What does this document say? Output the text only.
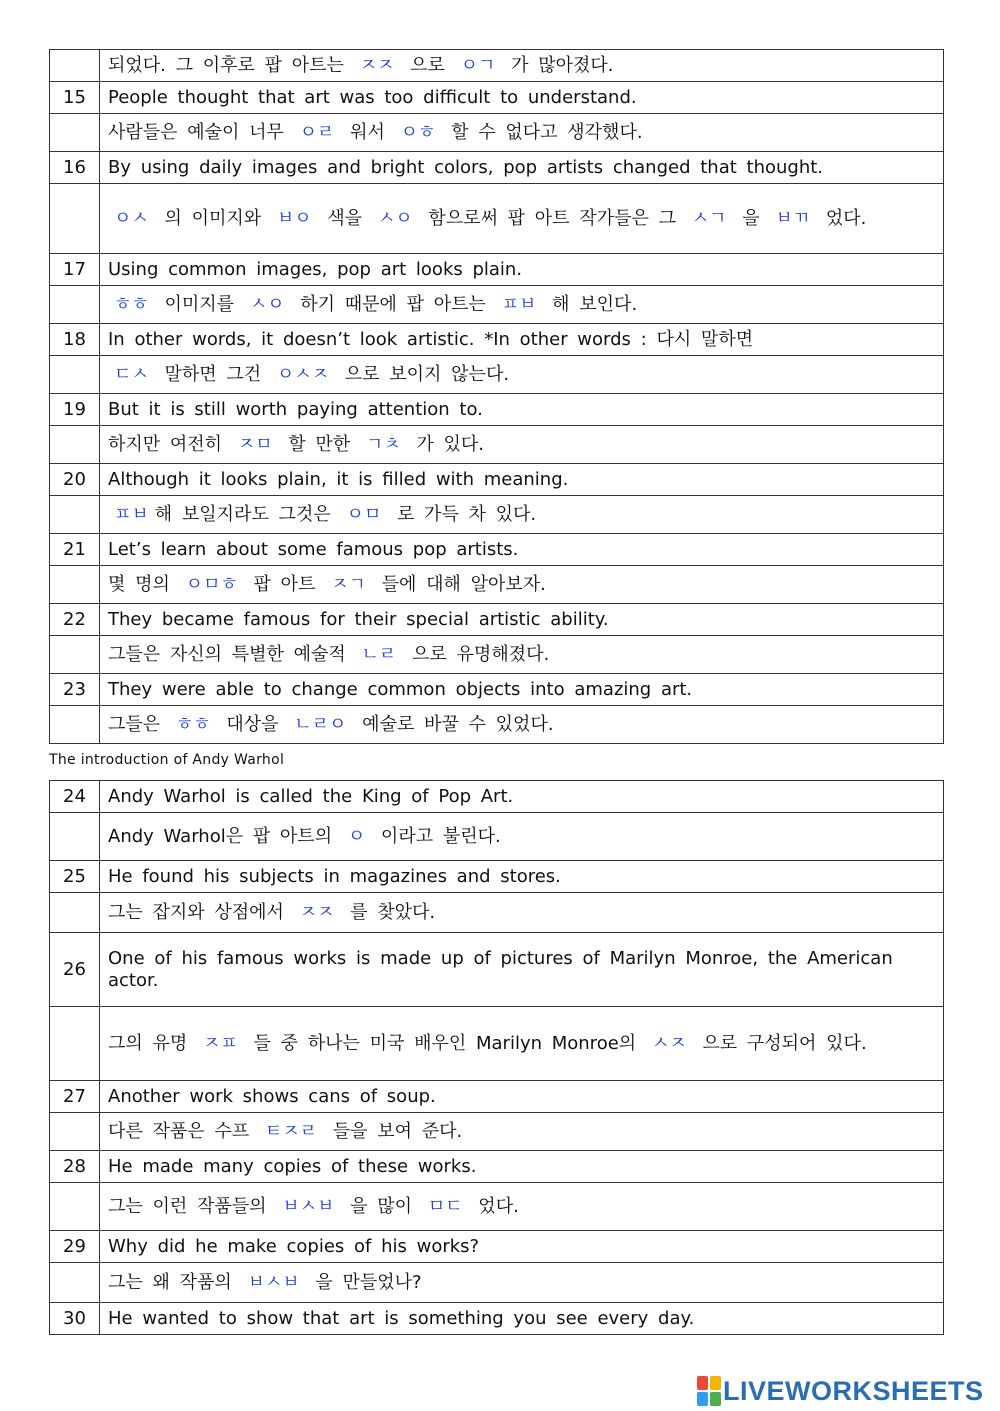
	되었다. 그 이후로 팝 아트는 ㅈㅈ 으로 ㅇㄱ 가 많아졌다.
15	People thought that art was too difficult to understand.
	사람들은 예술이 너무 ㅇㄹ 워서 ㅇㅎ 할 수 없다고 생각했다.
16	By using daily images and bright colors, pop artists changed that thought.
	ㅇㅅ 의 이미지와 ㅂㅇ 색을 ㅅㅇ 함으로써 팝 아트 작가들은 그 ㅅㄱ 을 ㅂㄲ 었다.
17	Using common images, pop art looks plain.
	ㅎㅎ 이미지를 ㅅㅇ 하기 때문에 팝 아트는 ㅍㅂ 해 보인다.
18	In other words, it doesn’t look artistic. *In other words : 다시 말하면
	ㄷㅅ 말하면 그건 ㅇㅅㅈ 으로 보이지 않는다.
19	But it is still worth paying attention to.
	하지만 여전히 ㅈㅁ 할 만한 ㄱㅊ 가 있다.
20	Although it looks plain, it is filled with meaning.
	ㅍㅂ 해 보일지라도 그것은 ㅇㅁ 로 가득 차 있다.
21	Let’s learn about some famous pop artists.
	몇 명의 ㅇㅁㅎ 팝 아트 ㅈㄱ 들에 대해 알아보자.
22	They became famous for their special artistic ability.
	그들은 자신의 특별한 예술적 ㄴㄹ 으로 유명해졌다.
23	They were able to change common objects into amazing art.
	그들은 ㅎㅎ 대상을 ㄴㄹㅇ 예술로 바꿀 수 있었다.
The introduction of Andy Warhol
24	Andy Warhol is called the King of Pop Art.
	Andy Warhol은 팝 아트의 ㅇ 이라고 불린다.
25	He found his subjects in magazines and stores.
	그는 잡지와 상점에서 ㅈㅈ 를 찾았다.
26	One of his famous works is made up of pictures of Marilyn Monroe, the American actor.
	그의 유명 ㅈㅍ 들 중 하나는 미국 배우인 Marilyn Monroe의 ㅅㅈ 으로 구성되어 있다.
27	Another work shows cans of soup.
	다른 작품은 수프 ㅌㅈㄹ 들을 보여 준다.
28	He made many copies of these works.
	그는 이런 작품들의 ㅂㅅㅂ 을 많이 ㅁㄷ 었다.
29	Why did he make copies of his works?
	그는 왜 작품의 ㅂㅅㅂ 을 만들었나?
30	He wanted to show that art is something you see every day.
LIVEWORKSHEETS
